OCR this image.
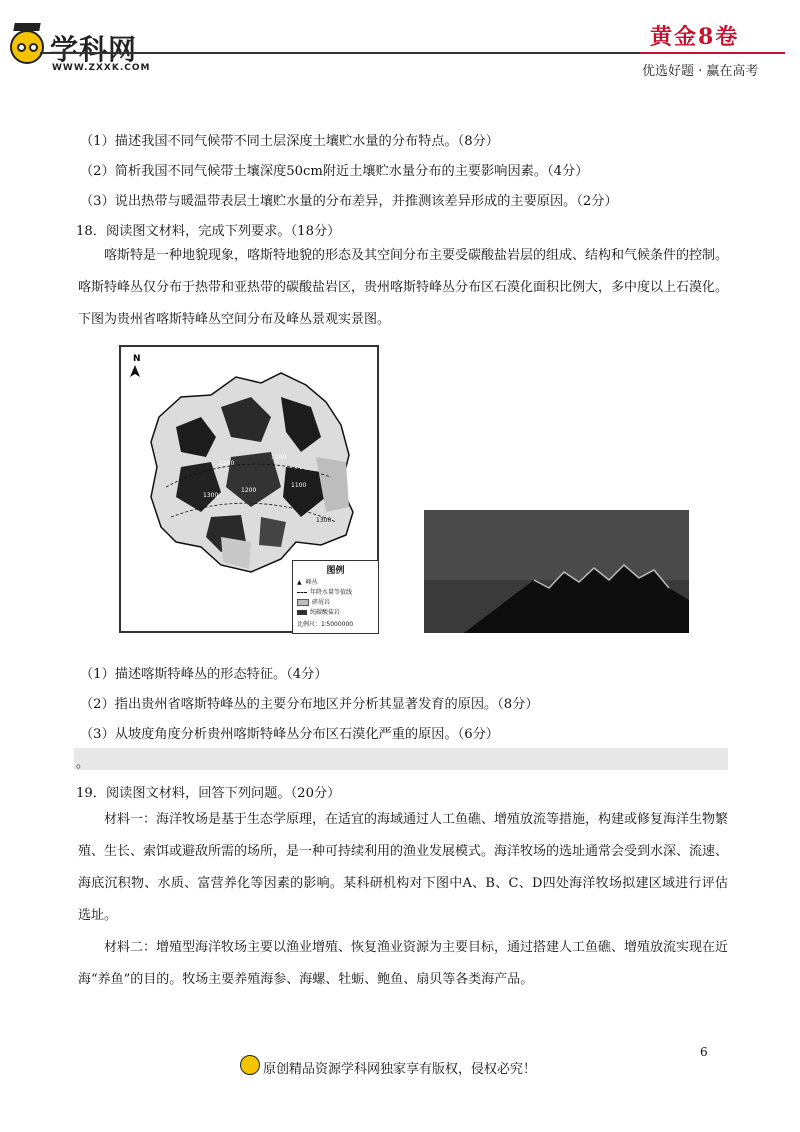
学科网
WWW.ZXXK.COM
黄金8卷
优选好题 · 赢在高考
（1）描述我国不同气候带不同土层深度土壤贮水量的分布特点。（8分）
（2）简析我国不同气候带土壤深度50cm附近土壤贮水量分布的主要影响因素。（4分）
（3）说出热带与暖温带表层土壤贮水量的分布差异，并推测该差异形成的主要原因。（2分）
18．阅读图文材料，完成下列要求。（18分）
喀斯特是一种地貌现象，喀斯特地貌的形态及其空间分布主要受碳酸盐岩层的组成、结构和气候条件的控制。喀斯特峰丛仅分布于热带和亚热带的碳酸盐岩区，贵州喀斯特峰丛分布区石漠化面积比例大，多中度以上石漠化。下图为贵州省喀斯特峰丛空间分布及峰丛景观实景图。
N
1200
1100
1300
1200
1100
1300
图例
▲ 峰丛
年降水量等值线
碎屑岩
纯碳酸盐岩
比例尺：1∶5000000
（1）描述喀斯特峰丛的形态特征。（4分）
（2）指出贵州省喀斯特峰丛的主要分布地区并分析其显著发育的原因。（8分）
（3）从坡度角度分析贵州喀斯特峰丛分布区石漠化严重的原因。（6分）
。
19．阅读图文材料，回答下列问题。（20分）
材料一：海洋牧场是基于生态学原理，在适宜的海域通过人工鱼礁、增殖放流等措施，构建或修复海洋生物繁殖、生长、索饵或避敌所需的场所，是一种可持续利用的渔业发展模式。海洋牧场的选址通常会受到水深、流速、海底沉积物、水质、富营养化等因素的影响。某科研机构对下图中A、B、C、D四处海洋牧场拟建区域进行评估选址。
材料二：增殖型海洋牧场主要以渔业增殖、恢复渔业资源为主要目标，通过搭建人工鱼礁、增殖放流实现在近海“养鱼”的目的。牧场主要养殖海参、海螺、牡蛎、鲍鱼、扇贝等各类海产品。
6
原创精品资源学科网独家享有版权，侵权必究！
